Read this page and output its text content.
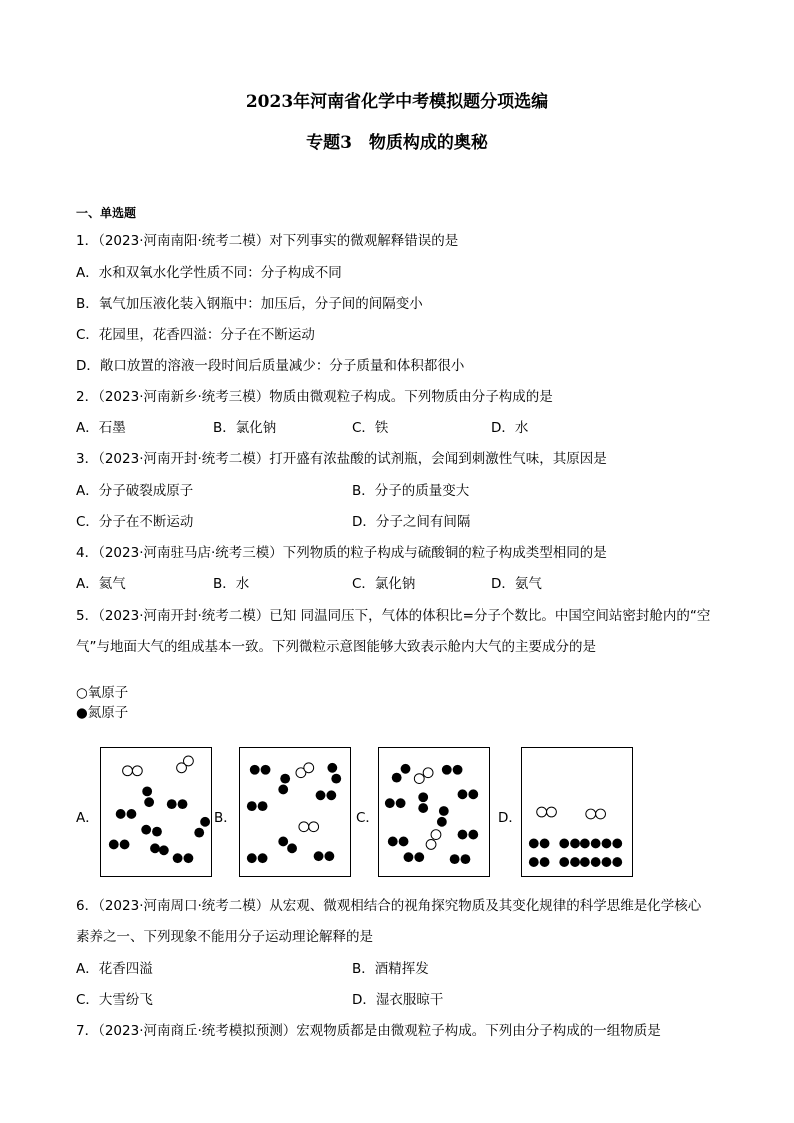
2023年河南省化学中考模拟题分项选编
专题3　物质构成的奥秘
一、单选题
1．（2023·河南南阳·统考二模）对下列事实的微观解释错误的是
A．水和双氧水化学性质不同：分子构成不同
B．氧气加压液化装入钢瓶中：加压后，分子间的间隔变小
C．花园里，花香四溢：分子在不断运动
D．敞口放置的溶液一段时间后质量减少：分子质量和体积都很小
2．（2023·河南新乡·统考三模）物质由微观粒子构成。下列物质由分子构成的是
A．石墨	B．氯化钠	C．铁	D．水
3．（2023·河南开封·统考二模）打开盛有浓盐酸的试剂瓶，会闻到刺激性气味，其原因是
A．分子破裂成原子	B．分子的质量变大
C．分子在不断运动	D．分子之间有间隔
4．（2023·河南驻马店·统考三模）下列物质的粒子构成与硫酸铜的粒子构成类型相同的是
A．氦气	B．水	C．氯化钠	D．氨气
5．（2023·河南开封·统考二模）已知 同温同压下，气体的体积比=分子个数比。中国空间站密封舱内的“空
气”与地面大气的组成基本一致。下列微粒示意图能够大致表示舱内大气的主要成分的是
○氧原子
●氮原子
A．	B．	C．	D．
6．（2023·河南周口·统考二模）从宏观、微观相结合的视角探究物质及其变化规律的科学思维是化学核心
素养之一、下列现象不能用分子运动理论解释的是
A．花香四溢	B．酒精挥发
C．大雪纷飞	D．湿衣服晾干
7．（2023·河南商丘·统考模拟预测）宏观物质都是由微观粒子构成。下列由分子构成的一组物质是
